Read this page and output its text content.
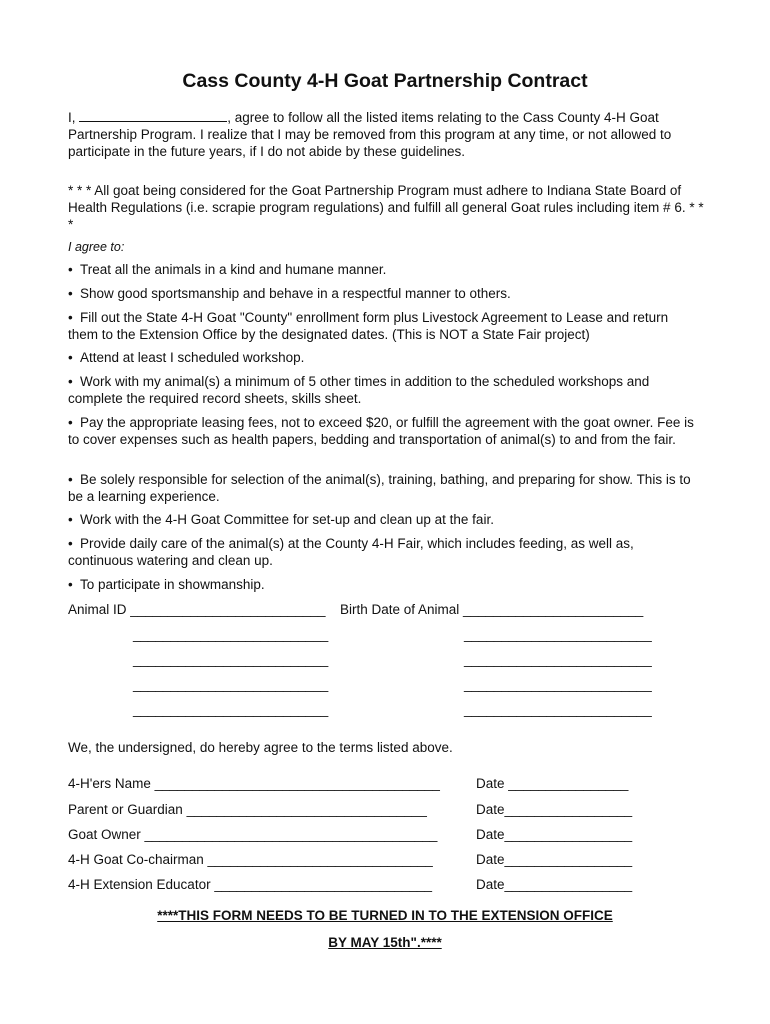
Cass County 4-H Goat Partnership Contract

I,	, agree to follow all the listed items relating to the Cass County 4-H Goat Partnership Program. I realize that I may be removed from this program at any time, or not allowed to participate in the future years, if I do not abide by these guidelines.

* * * All goat being considered for the Goat Partnership Program must adhere to Indiana State Board of Health Regulations (i.e. scrapie program regulations) and fulfill all general Goat rules including item # 6. * * *

I agree to:

• Treat all the animals in a kind and humane manner.

• Show good sportsmanship and behave in a respectful manner to others.

• Fill out the State 4-H Goat "County" enrollment form plus Livestock Agreement to Lease and return them to the Extension Office by the designated dates. (This is NOT a State Fair project)

• Attend at least I scheduled workshop.

• Work with my animal(s) a minimum of 5 other times in addition to the scheduled workshops and complete the required record sheets, skills sheet.

• Pay the appropriate leasing fees, not to exceed $20, or fulfill the agreement with the goat owner. Fee is to cover expenses such as health papers, bedding and transportation of animal(s) to and from the fair.

• Be solely responsible for selection of the animal(s), training, bathing, and preparing for show. This is to be a learning experience.

• Work with the 4-H Goat Committee for set-up and clean up at the fair.

• Provide daily care of the animal(s) at the County 4-H Fair, which includes feeding, as well as, continuous watering and clean up.

• To participate in showmanship.

Animal ID __________________________ Birth Date of Animal ________________________

__________________________	_________________________

__________________________	_________________________

__________________________	_________________________

__________________________	_________________________

We, the undersigned, do hereby agree to the terms listed above.

4-H'ers Name ______________________________________	Date ________________

Parent or Guardian ________________________________	Date_________________

Goat Owner _______________________________________	Date_________________

4-H Goat Co-chairman ______________________________	Date_________________

4-H Extension Educator _____________________________	Date_________________

****THIS FORM NEEDS TO BE TURNED IN TO THE EXTENSION OFFICE

BY MAY 15th".****
